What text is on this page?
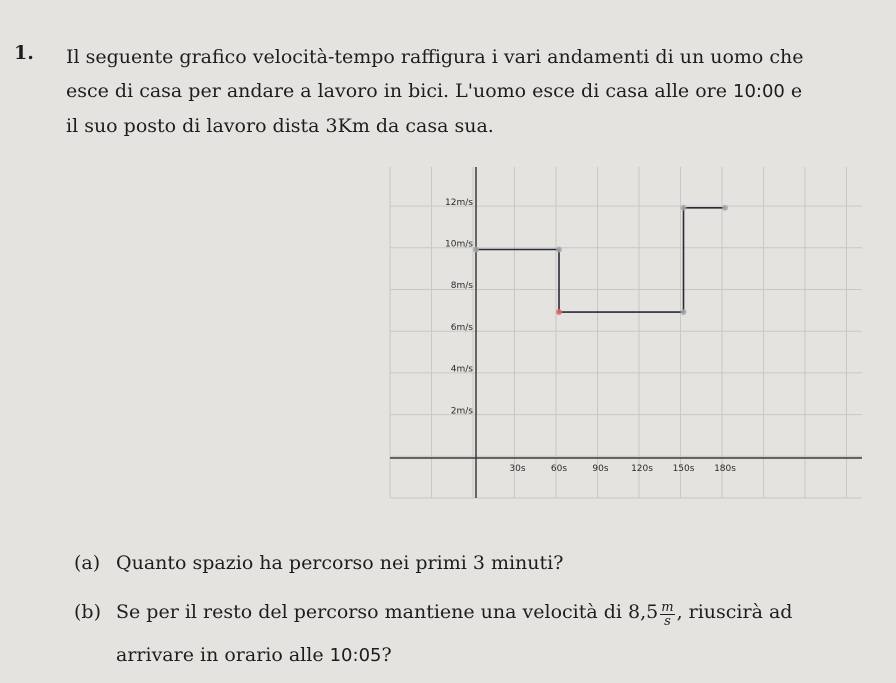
1. Il seguente grafico velocità-tempo raffigura i vari andamenti di un uomo che

esce di casa per andare a lavoro in bici. L'uomo esce di casa alle ore 10:00 e

il suo posto di lavoro dista 3Km da casa sua.

30s	60s	90s 120s 150s 180s
2m/s
4m/s
6m/s
8m/s
10m/s
12m/s
(a) Quanto spazio ha percorso nei primi 3 minuti?
(b) Se per il resto del percorso mantiene una velocità di $8,5 \frac{m}{s}$ , riuscirà ad
arrivare in orario alle 10:05?
